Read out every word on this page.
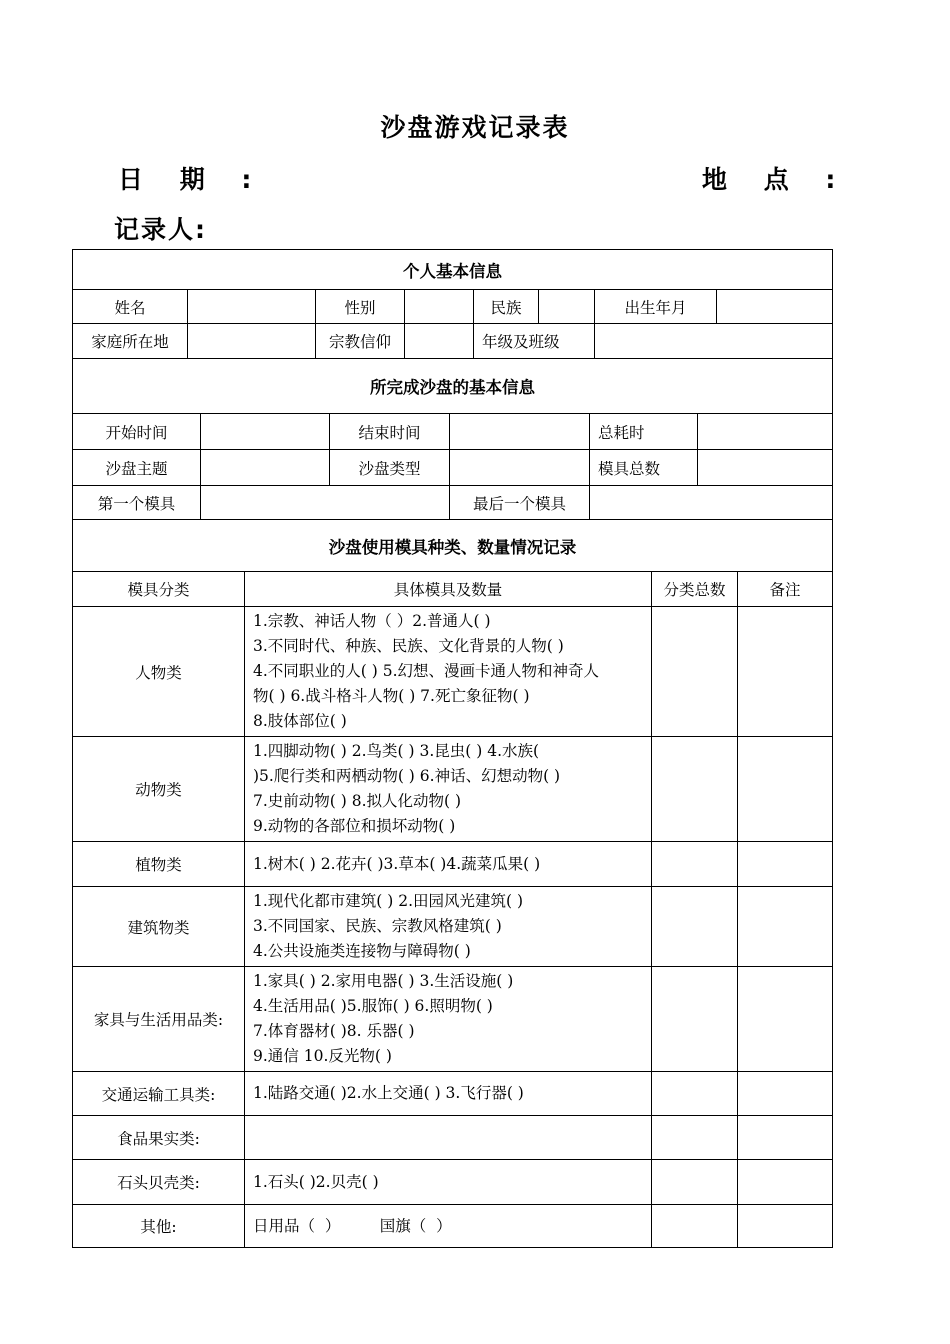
沙盘游戏记录表
日 期 :	地 点 :
记录人:
个人基本信息							
姓名		性别		民族		出生年月	
家庭所在地		宗教信仰		年级及班级			
所完成沙盘的基本信息					
开始时间		结束时间		总耗时	
沙盘主题		沙盘类型		模具总数	
第一个模具			最后一个模具		
沙盘使用模具种类、数量情况记录			
模具分类	具体模具及数量	分类总数	备注
人物类	1.宗教、神话人物（ ）2.普通人( )
3.不同时代、种族、民族、文化背景的人物( )
4.不同职业的人( ) 5.幻想、漫画卡通人物和神奇人
物( ) 6.战斗格斗人物( ) 7.死亡象征物( )
8.肢体部位( )		

动物类	1.四脚动物( ) 2.鸟类( ) 3.昆虫( ) 4.水族(
)5.爬行类和两栖动物( ) 6.神话、幻想动物( )
7.史前动物( ) 8.拟人化动物( )
9.动物的各部位和损坏动物( )		

植物类	1.树木( ) 2.花卉( )3.草本( )4.蔬菜瓜果( )		

建筑物类	1.现代化都市建筑( ) 2.田园风光建筑( )
3.不同国家、民族、宗教风格建筑( )
4.公共设施类连接物与障碍物( )		

家具与生活用品类:	1.家具( ) 2.家用电器( ) 3.生活设施( )
4.生活用品( )5.服饰( ) 6.照明物( )
7.体育器材( )8. 乐器( )
9.通信 10.反光物( )		

交通运输工具类:	1.陆路交通( )2.水上交通( ) 3.飞行器( )		

食品果实类:			
石头贝壳类:	1.石头( )2.贝壳( )		

其他:	日用品（  ）        国旗（  ）		
